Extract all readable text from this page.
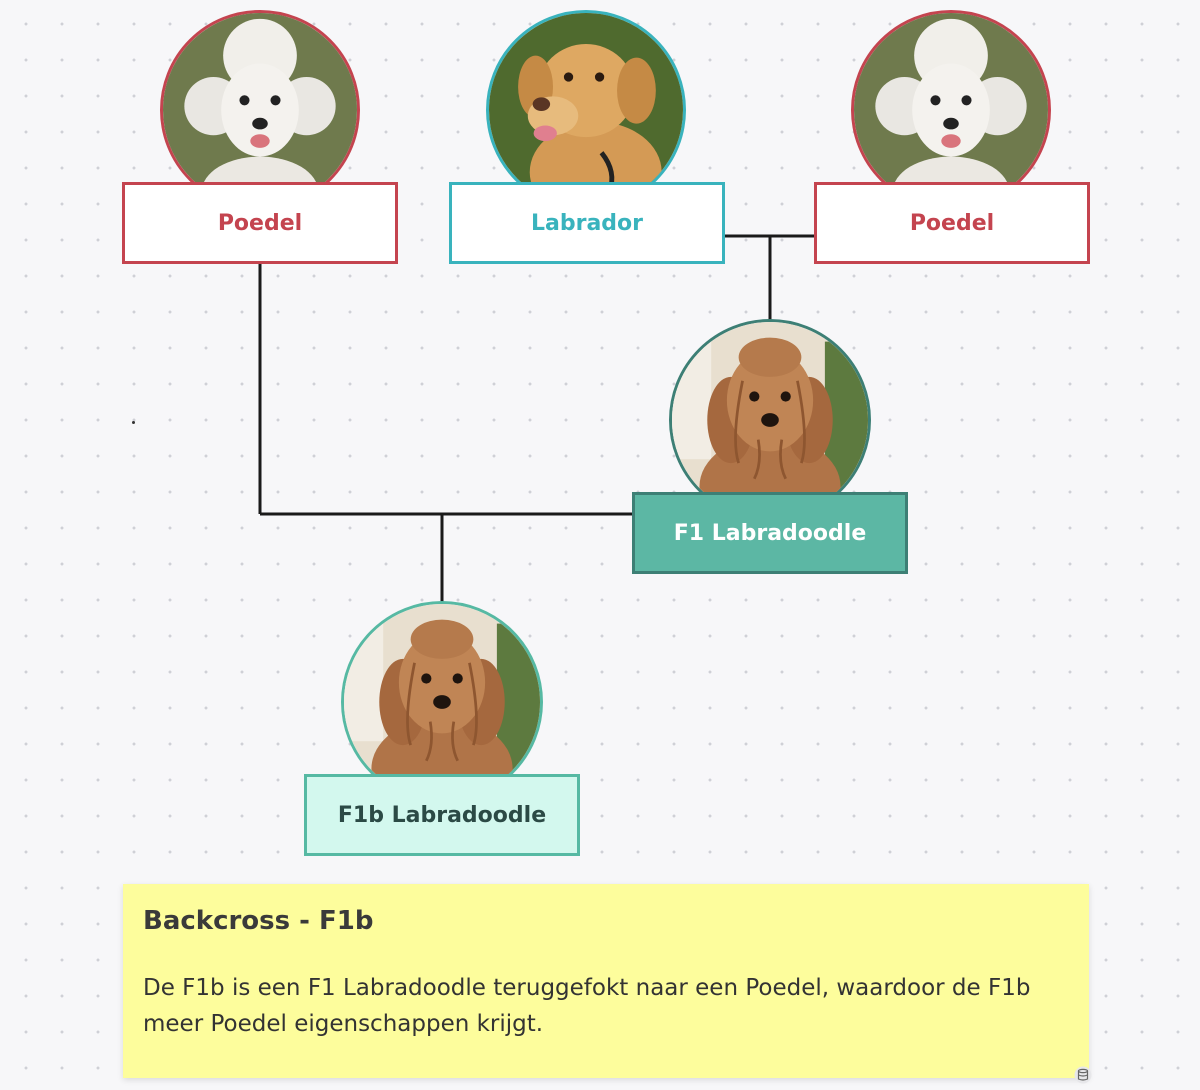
Poedel	Labrador	Poedel
F1 Labradoodle
F1b Labradoodle
Backcross - F1b

De F1b is een F1 Labradoodle teruggefokt naar een Poedel, waardoor de F1b meer Poedel eigenschappen krijgt.
